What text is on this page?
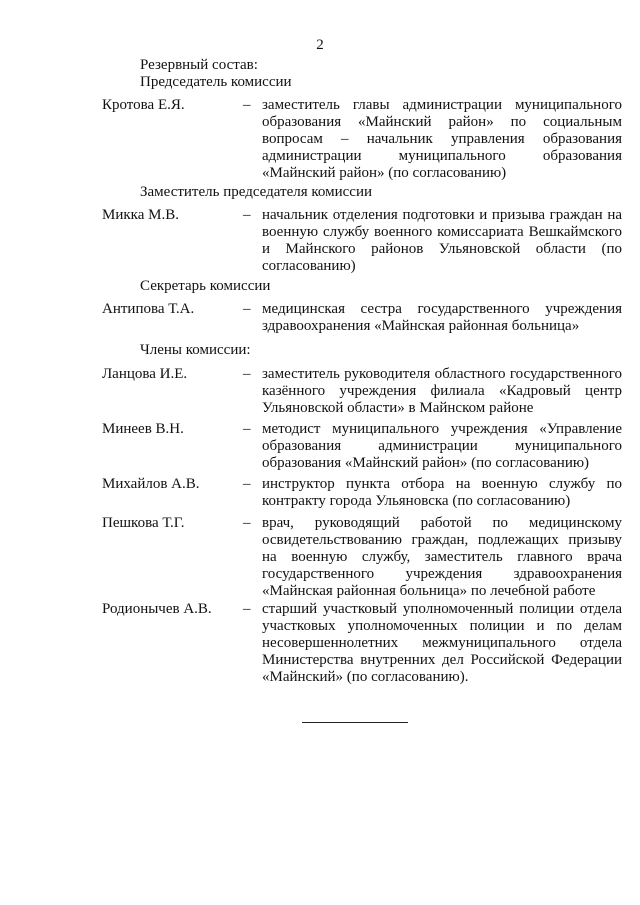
2
Резервный состав:
Председатель комиссии
Кротова Е.Я.	– заместитель главы администрации муниципального образования «Майнский район» по социальным вопросам – начальник управления образования администрации муниципального образования «Майнский район» (по согласованию)
Заместитель председателя комиссии
Микка М.В.	– начальник отделения подготовки и призыва граждан на военную службу военного комиссариата Вешкаймского и Майнского районов Ульяновской области (по согласованию)
Секретарь комиссии
Антипова Т.А.	– медицинская сестра государственного учреждения здравоохранения «Майнская районная больница»
Члены комиссии:
Ланцова И.Е.	– заместитель руководителя областного государственного казённого учреждения филиала «Кадровый центр Ульяновской области» в Майнском районе
Минеев В.Н.	– методист муниципального учреждения «Управление образования администрации муниципального образования «Майнский район» (по согласованию)
Михайлов А.В.	– инструктор пункта отбора на военную службу по контракту города Ульяновска (по согласованию)
Пешкова Т.Г.	– врач, руководящий работой по медицинскому освидетельствованию граждан, подлежащих призыву на военную службу, заместитель главного врача государственного учреждения здравоохранения «Майнская районная больница» по лечебной работе
Родионычев А.В. – старший участковый уполномоченный полиции отдела участковых уполномоченных полиции и по делам несовершеннолетних межмуниципального отдела Министерства внутренних дел Российской Федерации «Майнский» (по согласованию).
